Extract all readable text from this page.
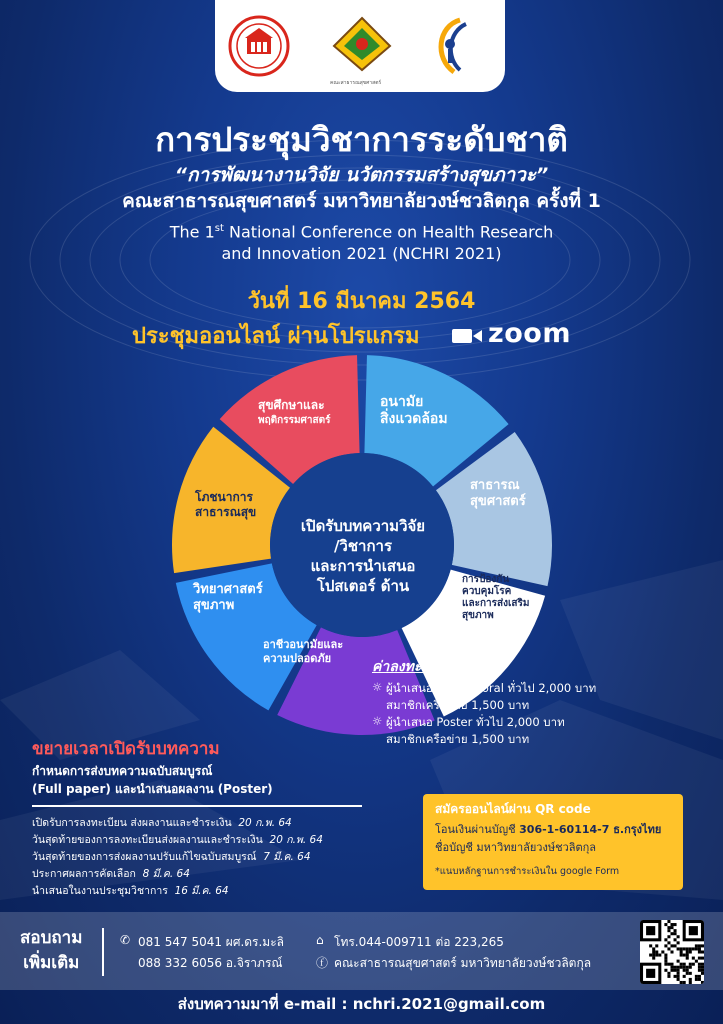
คณะสาธารณสุขศาสตร์
การประชุมวิชาการระดับชาติ
“การพัฒนางานวิจัย นวัตกรรมสร้างสุขภาวะ”
คณะสาธารณสุขศาสตร์ มหาวิทยาลัยวงษ์ชวลิตกุล ครั้งที่ 1
The 1st National Conference on Health Research
and Innovation 2021 (NCHRI 2021)
วันที่ 16 มีนาคม 2564
ประชุมออนไลน์ ผ่านโปรแกรม	zoom
สุขศึกษาและ
พฤติกรรมศาสตร์
อนามัย
สิ่งแวดล้อม
สาธารณ
สุขศาสตร์
การป้องกัน
ควบคุมโรค
และการส่งเสริม
สุขภาพ
อาชีวอนามัยและ
ความปลอดภัย
วิทยาศาสตร์
สุขภาพ
โภชนาการ
สาธารณสุข
เปิดรับบทความวิจัย
/วิชาการ
และการนำเสนอ
โปสเตอร์ ด้าน
ค่าลงทะเบียน
☼ ผู้นำเสนอปากเปล่า oral ทั่วไป 2,000 บาท
สมาชิกเครือข่าย 1,500 บาท
☼ ผู้นำเสนอ Poster ทั่วไป 2,000 บาท
สมาชิกเครือข่าย 1,500 บาท
ขยายเวลาเปิดรับบทความ
กำหนดการส่งบทความฉบับสมบูรณ์
(Full paper) และนำเสนอผลงาน (Poster)
เปิดรับการลงทะเบียน ส่งผลงานและชำระเงิน 20 ก.พ. 64
วันสุดท้ายของการลงทะเบียนส่งผลงานและชำระเงิน 20 ก.พ. 64
วันสุดท้ายของการส่งผลงานปรับแก้ไขฉบับสมบูรณ์ 7 มี.ค. 64
ประกาศผลการคัดเลือก 8 มี.ค. 64
นำเสนอในงานประชุมวิชาการ 16 มี.ค. 64
สมัครออนไลน์ผ่าน QR code
โอนเงินผ่านบัญชี 306-1-60114-7 ธ.กรุงไทย
ชื่อบัญชี มหาวิทยาลัยวงษ์ชวลิตกุล
*แนบหลักฐานการชำระเงินใน google Form
สอบถาม
เพิ่มเติม
✆ 081 547 5041 ผศ.ดร.มะลิ
088 332 6056 อ.จิราภรณ์
⌂ โทร.044-009711 ต่อ 223,265
ⓕ คณะสาธารณสุขศาสตร์ มหาวิทยาลัยวงษ์ชวลิตกุล
ส่งบทความมาที่ e-mail : nchri.2021@gmail.com
